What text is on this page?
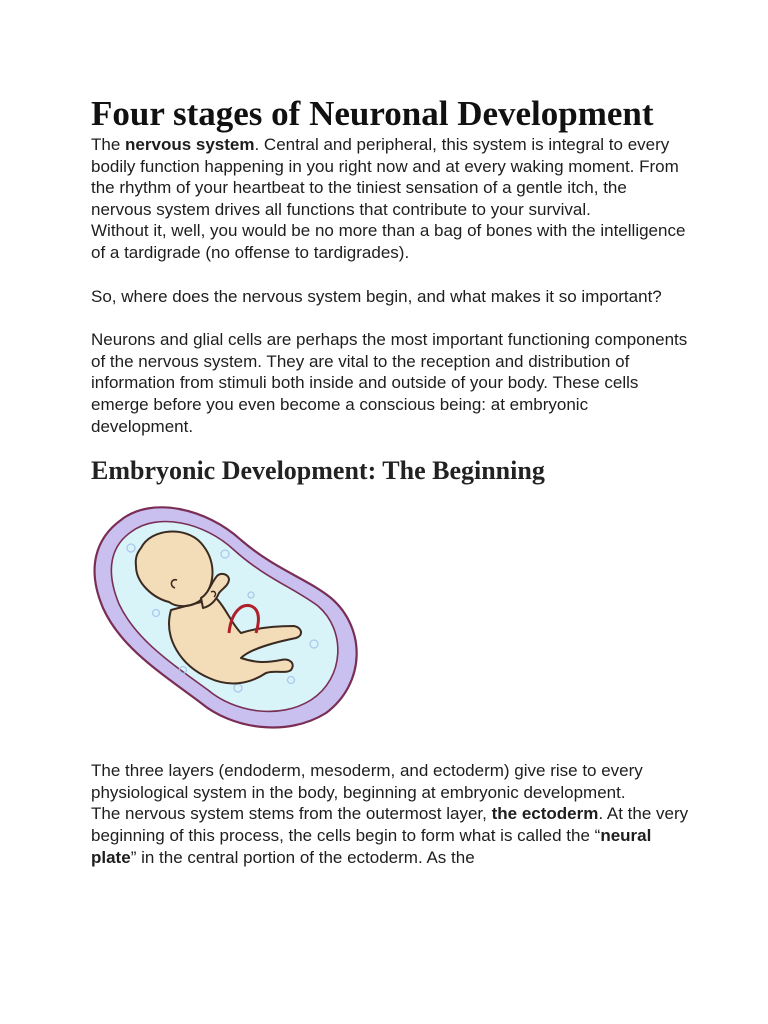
Four stages of Neuronal Development

The nervous system. Central and peripheral, this system is integral to every bodily function happening in you right now and at every waking moment. From the rhythm of your heartbeat to the tiniest sensation of a gentle itch, the nervous system drives all functions that contribute to your survival.

Without it, well, you would be no more than a bag of bones with the intelligence of a tardigrade (no offense to tardigrades).

So, where does the nervous system begin, and what makes it so important?

Neurons and glial cells are perhaps the most important functioning components of the nervous system. They are vital to the reception and distribution of information from stimuli both inside and outside of your body. These cells emerge before you even become a conscious being: at embryonic development.

Embryonic Development: The Beginning

The three layers (endoderm, mesoderm, and ectoderm) give rise to every physiological system in the body, beginning at embryonic development.

The nervous system stems from the outermost layer, the ectoderm. At the very beginning of this process, the cells begin to form what is called the “neural plate” in the central portion of the ectoderm. As the
